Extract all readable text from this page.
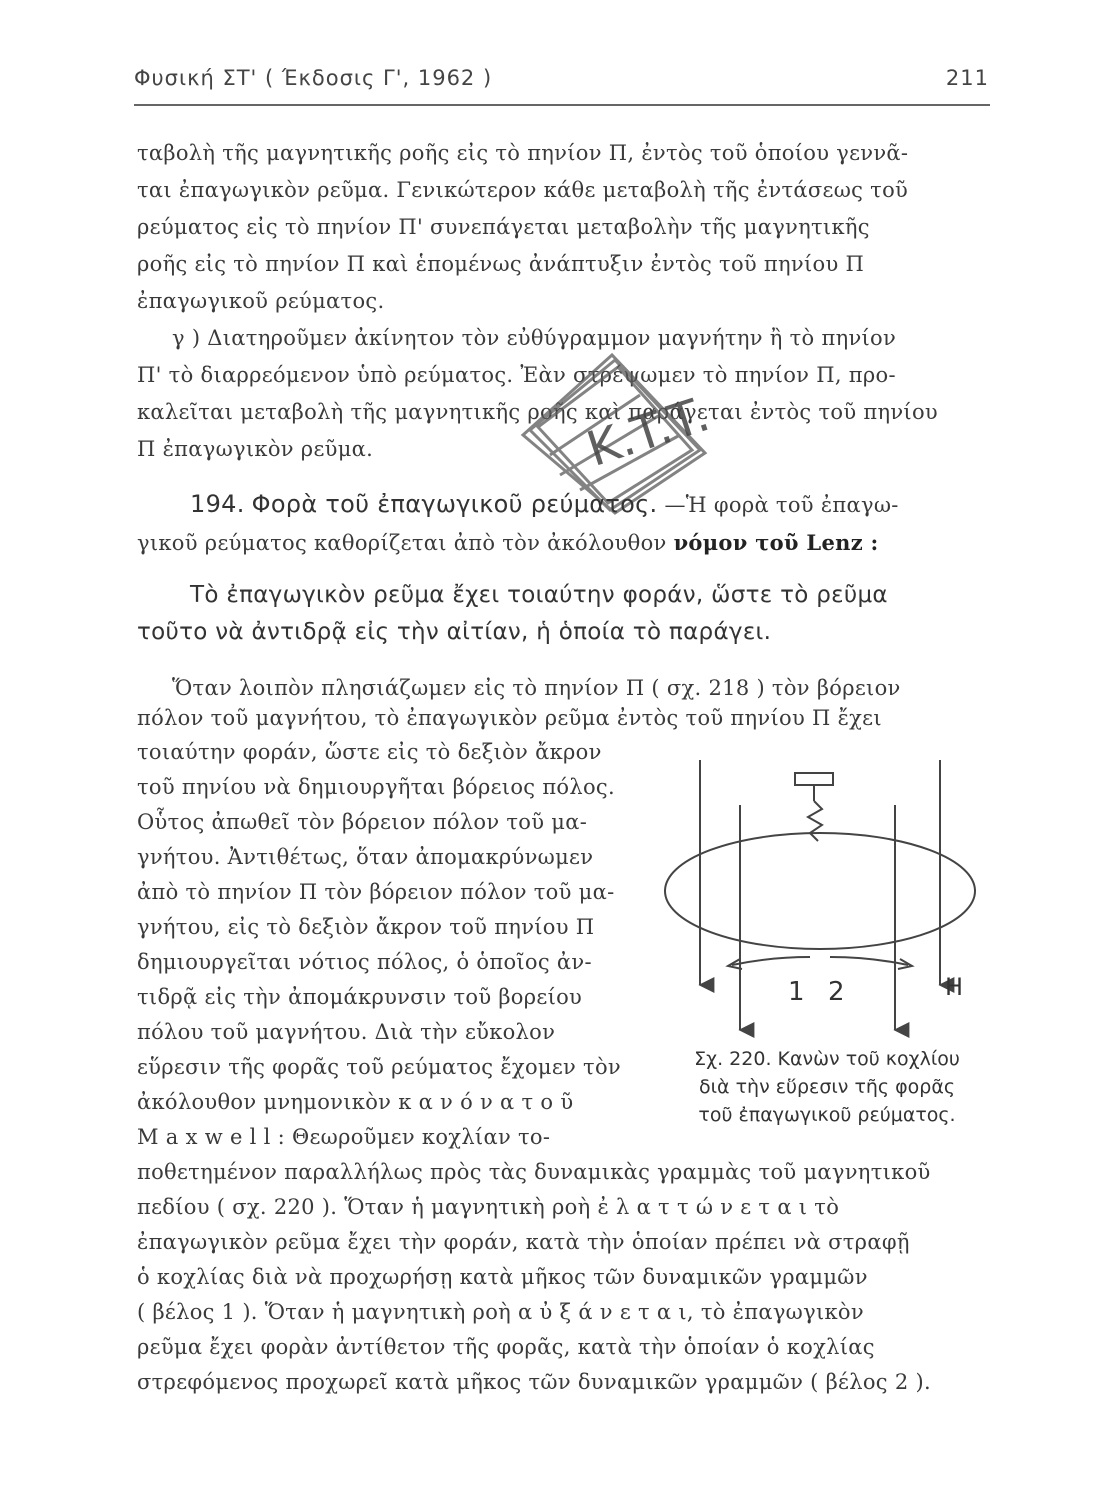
Φυσική ΣΤ' ( Έκδοσις Γ', 1962 )	211
ταβολὴ τῆς μαγνητικῆς ροῆς εἰς τὸ πηνίον Π, ἐντὸς τοῦ ὁποίου γεννᾶ-
ται ἐπαγωγικὸν ρεῦμα. Γενικώτερον κάθε μεταβολὴ τῆς ἐντάσεως τοῦ
ρεύματος εἰς τὸ πηνίον Π' συνεπάγεται μεταβολὴν τῆς μαγνητικῆς
ροῆς εἰς τὸ πηνίον Π καὶ ἑπομένως ἀνάπτυξιν ἐντὸς τοῦ πηνίου Π
ἐπαγωγικοῦ ρεύματος.
γ ) Διατηροῦμεν ἀκίνητον τὸν εὐθύγραμμον μαγνήτην ἢ τὸ πηνίον
Π' τὸ διαρρεόμενον ὑπὸ ρεύματος. Ἐὰν στρέψωμεν τὸ πηνίον Π, προ-
καλεῖται μεταβολὴ τῆς μαγνητικῆς ροῆς καὶ παράγεται ἐντὸς τοῦ πηνίου
Π ἐπαγωγικὸν ρεῦμα.	K.T.T.
194. Φορὰ τοῦ ἐπαγωγικοῦ ρεύματος. —Ἡ φορὰ τοῦ ἐπαγω-
γικοῦ ρεύματος καθορίζεται ἀπὸ τὸν ἀκόλουθον νόμον τοῦ Lenz :
Τὸ ἐπαγωγικὸν ρεῦμα ἔχει τοιαύτην φοράν, ὥστε τὸ ρεῦμα
τοῦτο νὰ ἀντιδρᾷ εἰς τὴν αἰτίαν, ἡ ὁποία τὸ παράγει.
Ὅταν λοιπὸν πλησιάζωμεν εἰς τὸ πηνίον Π ( σχ. 218 ) τὸν βόρειον
πόλον τοῦ μαγνήτου, τὸ ἐπαγωγικὸν ρεῦμα ἐντὸς τοῦ πηνίου Π ἔχει
τοιαύτην φοράν, ὥστε εἰς τὸ δεξιὸν ἄκρον
τοῦ πηνίου νὰ δημιουργῆται βόρειος πόλος.
Οὗτος ἀπωθεῖ τὸν βόρειον πόλον τοῦ μα-
γνήτου. Ἀντιθέτως, ὅταν ἀπομακρύνωμεν
ἀπὸ τὸ πηνίον Π τὸν βόρειον πόλον τοῦ μα-
γνήτου, εἰς τὸ δεξιὸν ἄκρον τοῦ πηνίου Π
δημιουργεῖται νότιος πόλος, ὁ ὁποῖος ἀν-
τιδρᾷ εἰς τὴν ἀπομάκρυνσιν τοῦ βορείου
πόλου τοῦ μαγνήτου. Διὰ τὴν εὔκολον
εὕρεσιν τῆς φορᾶς τοῦ ρεύματος ἔχομεν τὸν
ἀκόλουθον μνημονικὸν κ α ν ό ν α τ ο ῦ
M a x w e l l : Θεωροῦμεν κοχλίαν το-
ποθετημένον παραλλήλως πρὸς τὰς δυναμικὰς γραμμὰς τοῦ μαγνητικοῦ
πεδίου ( σχ. 220 ). Ὅταν ἡ μαγνητικὴ ροὴ ἐ λ α τ τ ώ ν ε τ α ι τὸ
ἐπαγωγικὸν ρεῦμα ἔχει τὴν φοράν, κατὰ τὴν ὁποίαν πρέπει νὰ στραφῇ
ὁ κοχλίας διὰ νὰ προχωρήσῃ κατὰ μῆκος τῶν δυναμικῶν γραμμῶν
( βέλος 1 ). Ὅταν ἡ μαγνητικὴ ροὴ α ὐ ξ ά ν ε τ α ι, τὸ ἐπαγωγικὸν
ρεῦμα ἔχει φορὰν ἀντίθετον τῆς φορᾶς, κατὰ τὴν ὁποίαν ὁ κοχλίας
στρεφόμενος προχωρεῖ κατὰ μῆκος τῶν δυναμικῶν γραμμῶν ( βέλος 2 ).
1 2	H
Σχ. 220. Κανὼν τοῦ κοχλίου
διὰ τὴν εὕρεσιν τῆς φορᾶς
τοῦ ἐπαγωγικοῦ ρεύματος.
